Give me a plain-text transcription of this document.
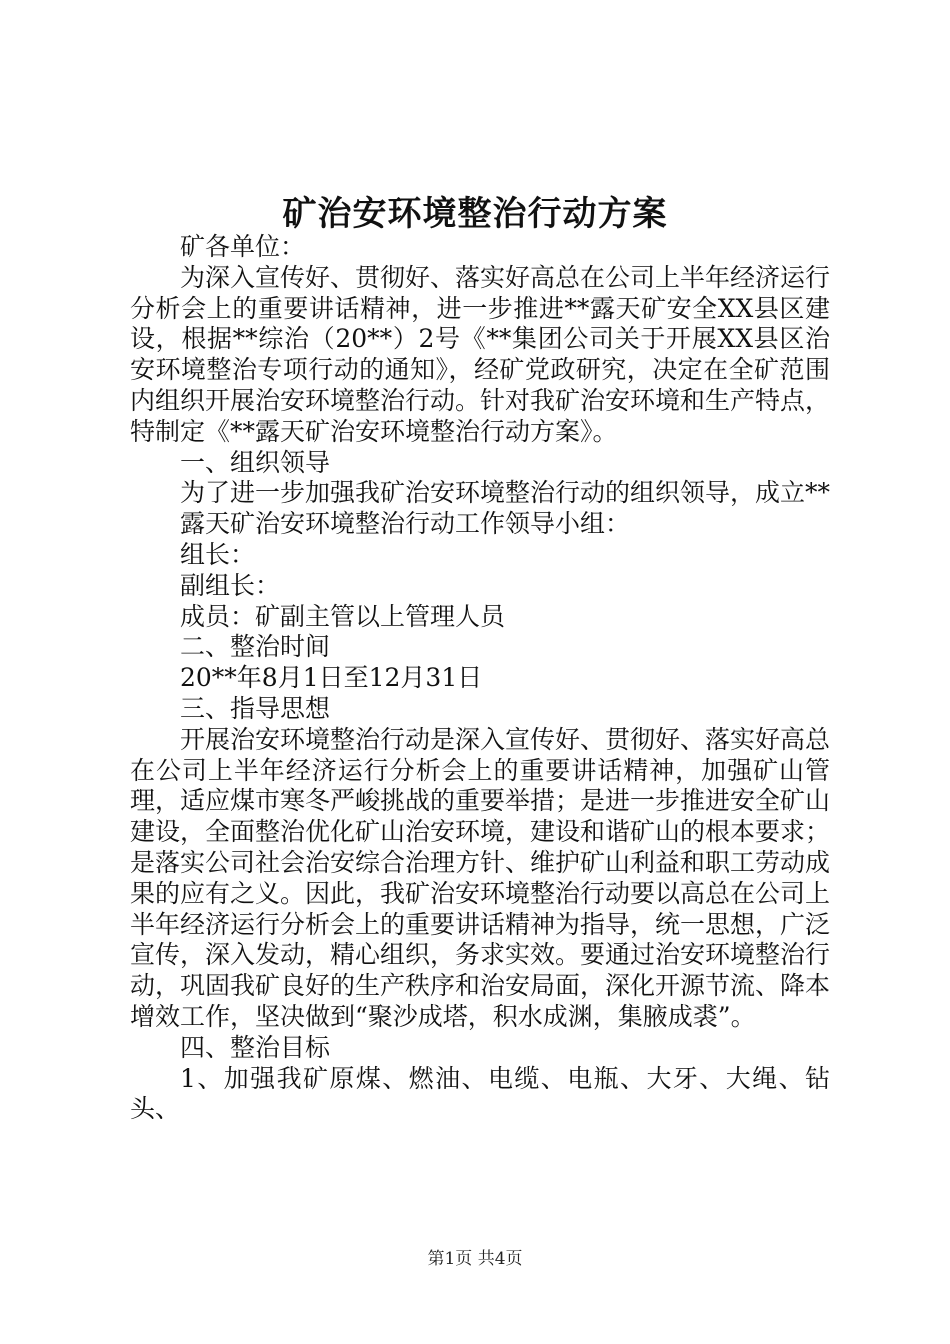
矿治安环境整治行动方案

矿各单位：

为深入宣传好、贯彻好、落实好高总在公司上半年经济运行分析会上的重要讲话精神，进一步推进**露天矿安全XX县区建设，根据**综治（20**）2号《**集团公司关于开展XX县区治安环境整治专项行动的通知》，经矿党政研究，决定在全矿范围内组织开展治安环境整治行动。针对我矿治安环境和生产特点，特制定《**露天矿治安环境整治行动方案》。

一、组织领导

为了进一步加强我矿治安环境整治行动的组织领导，成立**

露天矿治安环境整治行动工作领导小组：

组长：

副组长：

成员：矿副主管以上管理人员

二、整治时间

20**年8月1日至12月31日

三、指导思想

开展治安环境整治行动是深入宣传好、贯彻好、落实好高总在公司上半年经济运行分析会上的重要讲话精神，加强矿山管理，适应煤市寒冬严峻挑战的重要举措；是进一步推进安全矿山建设，全面整治优化矿山治安环境，建设和谐矿山的根本要求；是落实公司社会治安综合治理方针、维护矿山利益和职工劳动成果的应有之义。因此，我矿治安环境整治行动要以高总在公司上半年经济运行分析会上的重要讲话精神为指导，统一思想，广泛宣传，深入发动，精心组织，务求实效。要通过治安环境整治行动，巩固我矿良好的生产秩序和治安局面，深化开源节流、降本增效工作，坚决做到“聚沙成塔，积水成渊，集腋成裘”。

四、整治目标

1、加强我矿原煤、燃油、电缆、电瓶、大牙、大绳、钻头、

第1页 共4页
